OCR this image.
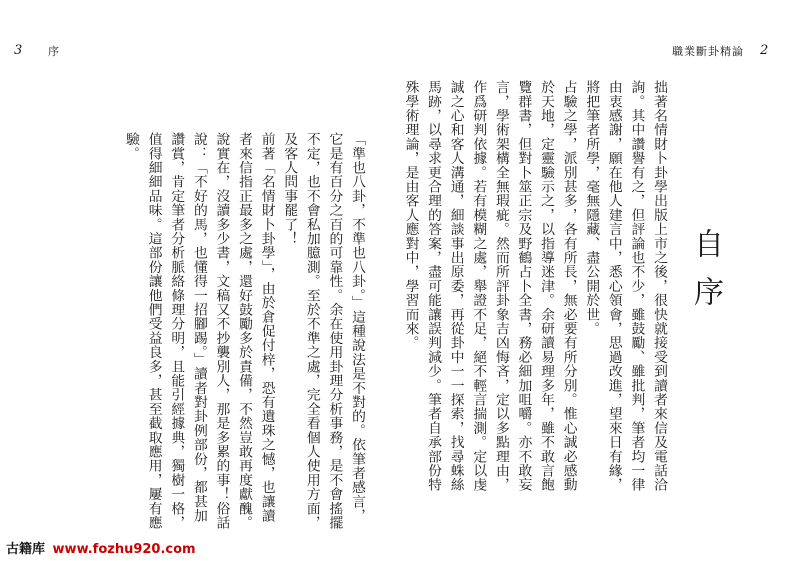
3 序	職業斷卦精論 2
自序

拙著名情財卜卦學出版上市之後，很快就接受到讀者來信及電話洽詢。其中讚譽有之，但評論也不少，雖鼓勵、雖批判，筆者均一律由衷感謝，願在他人建言中，悉心領會，思過改進，望來日有緣，將把筆者所學，毫無隱藏、盡公開於世。

占驗之學，派別甚多，各有所長，無必要有所分別。惟心誠必感動於天地，定靈驗示之，以指導迷津。余研讀易理多年，雖不敢言飽覽群書，但對卜筮正宗及野鶴占卜全書，務必細加咀嚼。亦不敢妄言，學術架構全無瑕疵。然而所評卦象吉凶悔吝，定以多點理由，作爲研判依據。若有模糊之處，舉證不足，絕不輕言揣測。定以虔誠之心和客人溝通，細談事出原委，再從卦中一一探索，找尋蛛絲馬跡，以尋求更合理的答案，盡可能讓誤判減少。筆者自承部份特殊學術理論，是由客人應對中，學習而來。

「準也八卦，不準也八卦。」這種說法是不對的。依筆者感言，它是有百分之百的可靠性。余在使用卦理分析事務，是不會搖擺不定，也不會私加臆測。至於不準之處，完全看個人使用方面，及客人問事罷了！

前著「名情財卜卦學」，由於倉促付梓，恐有遺珠之憾，也讓讀者來信指正最多之處，還好鼓勵多於責備，不然豈敢再度獻醜。說實在，沒讀多少書，文稿又不抄襲別人，那是多累的事！俗話說：「不好的馬，也懂得一招腳踢。」讀者對卦例部份，都甚加讚賞，肯定筆者分析脈絡條理分明，且能引經據典，獨樹一格，值得細細品味。這部份讓他們受益良多，甚至截取應用，屢有應驗。

古籍库 www.fozhu920.com
